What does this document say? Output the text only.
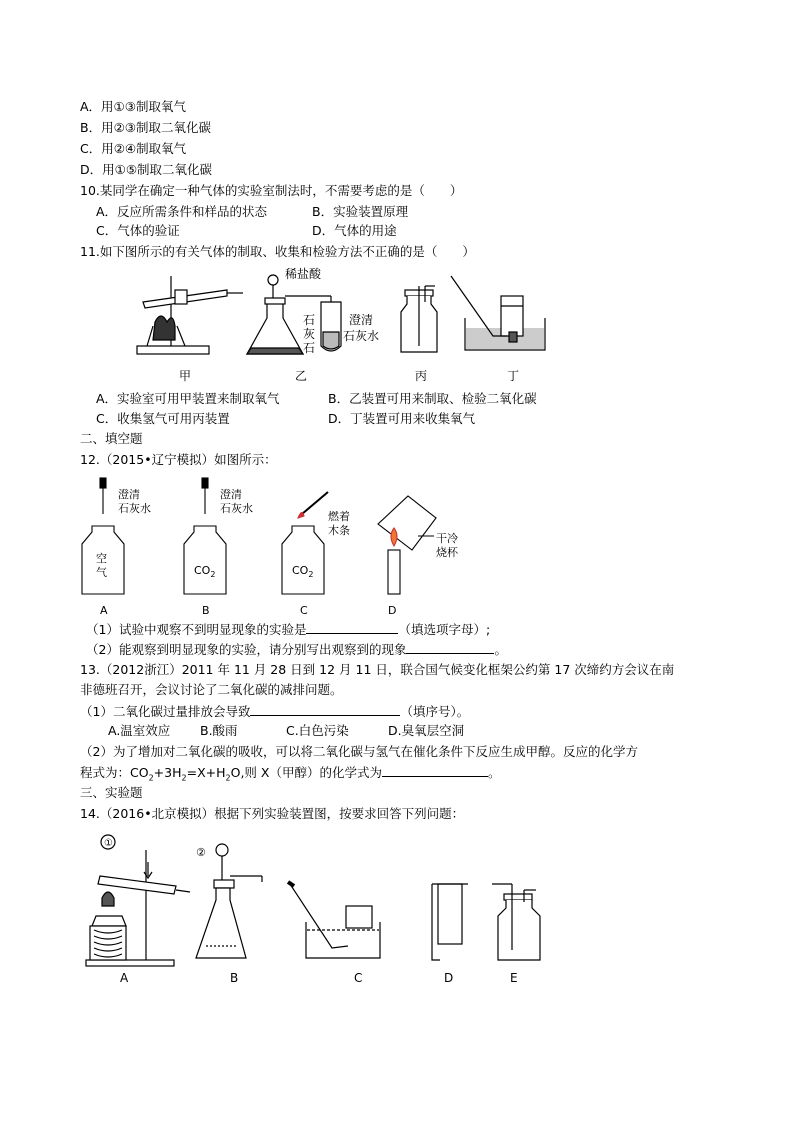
A．用①③制取氧气
B．用②③制取二氧化碳
C．用②④制取氧气
D．用①⑤制取二氧化碳
10.某同学在确定一种气体的实验室制法时，不需要考虑的是（　　）
A．反应所需条件和样品的状态	B．实验装置原理
C．气体的验证	D．气体的用途
11.如下图所示的有关气体的制取、收集和检验方法不正确的是（　　）
稀盐酸
石
灰
石
澄清
石灰水
甲	乙	丙	丁
A．实验室可用甲装置来制取氧气	B．乙装置可用来制取、检验二氧化碳
C．收集氢气可用丙装置	D．丁装置可用来收集氧气
二、填空题
12.（2015•辽宁模拟）如图所示：
澄清
石灰水
空
气
澄清
石灰水
$CO_2$
燃着
木条
$CO_2$
干冷
烧杯
A	B	C	D
（1）试验中观察不到明显现象的实验是	（填选项字母）;
（2）能观察到明显现象的实验，请分别写出观察到的现象	。
13.（2012浙江）2011 年 11 月 28 日到 12 月 11 日，联合国气候变化框架公约第 17 次缔约方会议在南
非德班召开，会议讨论了二氧化碳的减排问题。
（1）二氧化碳过量排放会导致	（填序号）。
A.温室效应 B.酸雨	C.白色污染	D.臭氧层空洞
（2）为了增加对二氧化碳的吸收，可以将二氧化碳与氢气在催化条件下反应生成甲醇。反应的化学方
程式为：$CO_2+3H_2=X+H_2O$,则 X（甲醇）的化学式为	。
三、实验题
14.（2016•北京模拟）根据下列实验装置图，按要求回答下列问题：
①
②
A	B	C	D	E
